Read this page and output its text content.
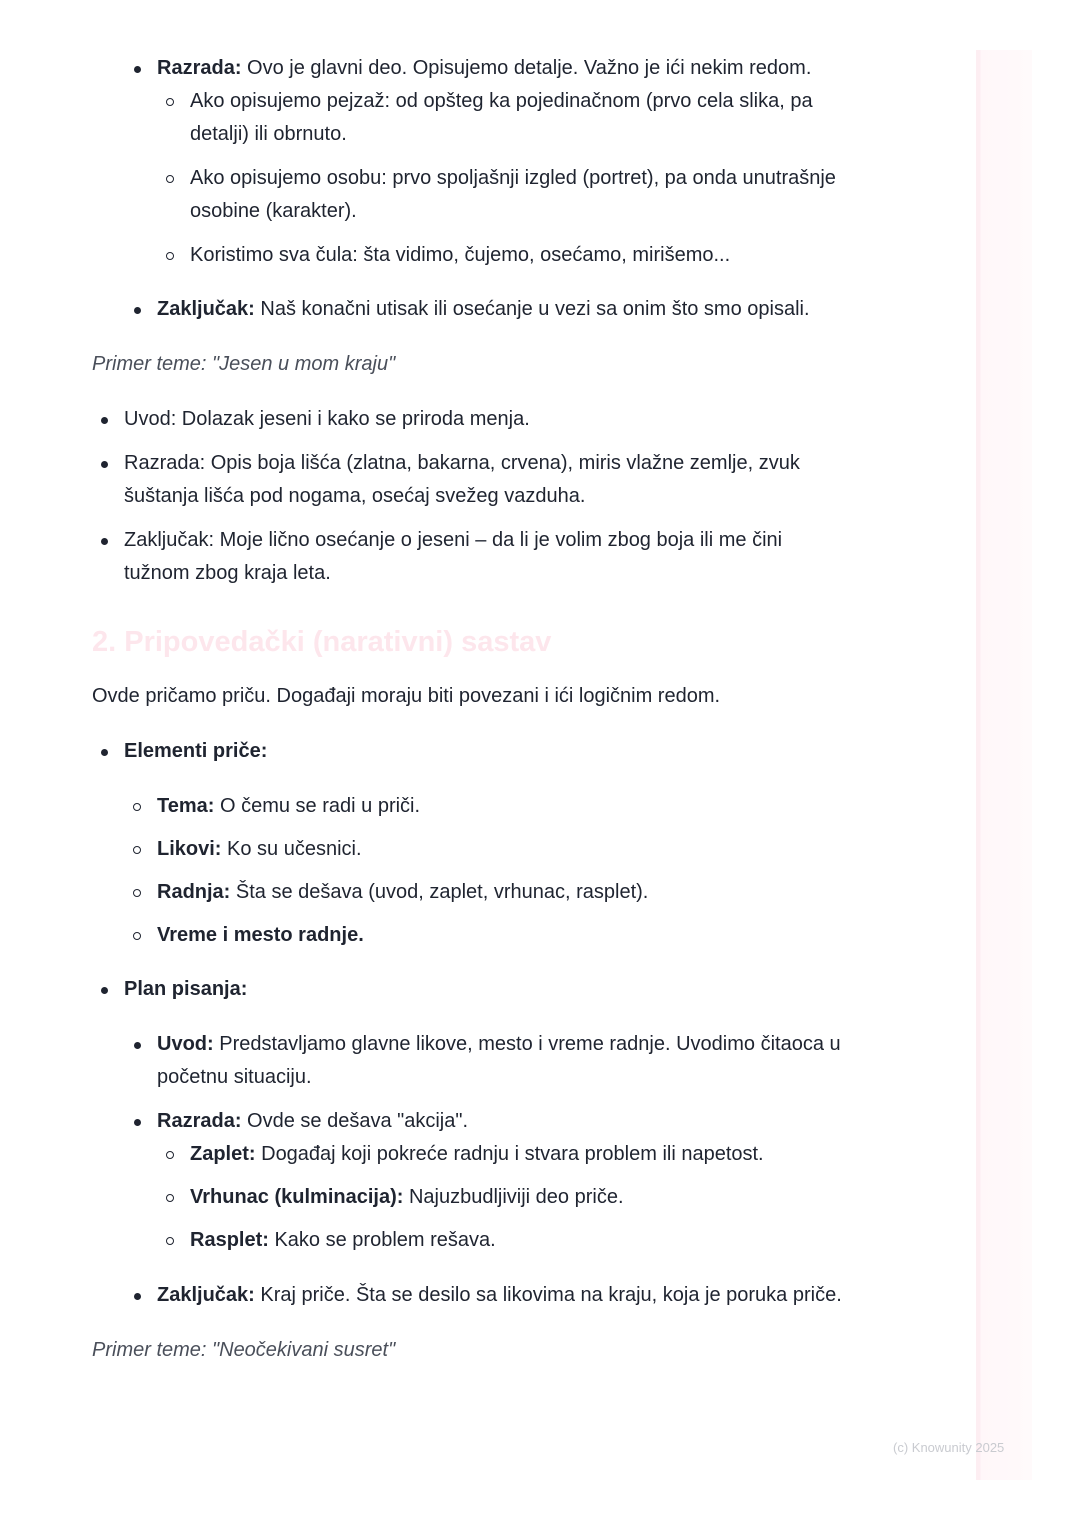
Razrada: Ovo je glavni deo. Opisujemo detalje. Važno je ići nekim redom.
Ako opisujemo pejzaž: od opšteg ka pojedinačnom (prvo cela slika, pa detalji) ili obrnuto.
Ako opisujemo osobu: prvo spoljašnji izgled (portret), pa onda unutrašnje osobine (karakter).
Koristimo sva čula: šta vidimo, čujemo, osećamo, mirišemo...
Zaključak: Naš konačni utisak ili osećanje u vezi sa onim što smo opisali.
Primer teme: "Jesen u mom kraju"
Uvod: Dolazak jeseni i kako se priroda menja.
Razrada: Opis boja lišća (zlatna, bakarna, crvena), miris vlažne zemlje, zvuk šuštanja lišća pod nogama, osećaj svežeg vazduha.
Zaključak: Moje lično osećanje o jeseni – da li je volim zbog boja ili me čini tužnom zbog kraja leta.
2. Pripovedački (narativni) sastav
Ovde pričamo priču. Događaji moraju biti povezani i ići logičnim redom.
Elementi priče:
Tema: O čemu se radi u priči.
Likovi: Ko su učesnici.
Radnja: Šta se dešava (uvod, zaplet, vrhunac, rasplet).
Vreme i mesto radnje.
Plan pisanja:
Uvod: Predstavljamo glavne likove, mesto i vreme radnje. Uvodimo čitaoca u početnu situaciju.
Razrada: Ovde se dešava "akcija".
Zaplet: Događaj koji pokreće radnju i stvara problem ili napetost.
Vrhunac (kulminacija): Najuzbudljiviji deo priče.
Rasplet: Kako se problem rešava.
Zaključak: Kraj priče. Šta se desilo sa likovima na kraju, koja je poruka priče.
Primer teme: "Neočekivani susret"
(c) Knowunity 2025
